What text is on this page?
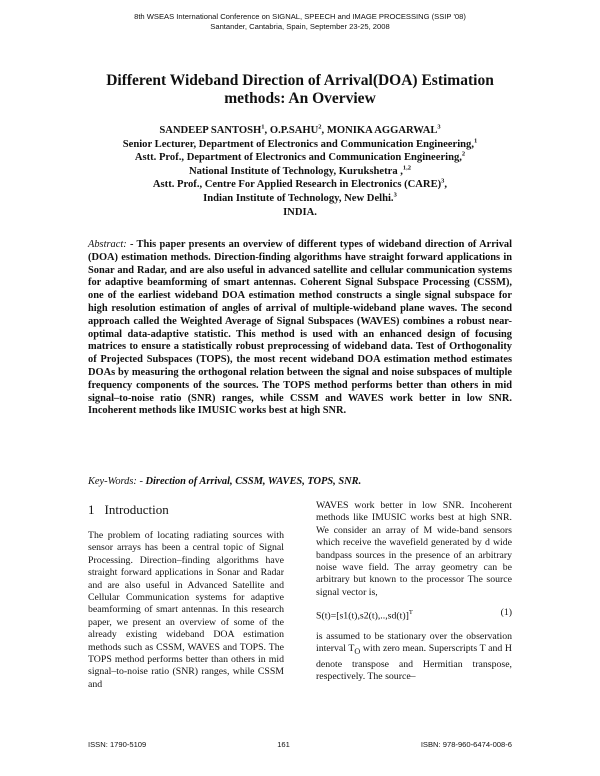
8th WSEAS International Conference on SIGNAL, SPEECH and IMAGE PROCESSING (SSIP '08)
Santander, Cantabria, Spain, September 23-25, 2008
Different Wideband Direction of Arrival(DOA) Estimation
methods: An Overview
SANDEEP SANTOSH$^1$, O.P.SAHU$^2$, MONIKA AGGARWAL$^3$
Senior Lecturer, Department of Electronics and Communication Engineering,$^1$
Astt. Prof., Department of Electronics and Communication Engineering,$^2$
National Institute of Technology, Kurukshetra ,$^{1,2}$
Astt. Prof., Centre For Applied Research in Electronics (CARE)$^3$,
Indian Institute of Technology, New Delhi.$^3$
INDIA.
Abstract: - This paper presents an overview of different types of wideband direction of Arrival (DOA) estimation methods. Direction-finding algorithms have straight forward applications in Sonar and Radar, and are also useful in advanced satellite and cellular communication systems for adaptive beamforming of smart antennas. Coherent Signal Subspace Processing (CSSM), one of the earliest wideband DOA estimation method constructs a single signal subspace for high resolution estimation of angles of arrival of multiple-wideband plane waves. The second approach called the Weighted Average of Signal Subspaces (WAVES) combines a robust near-optimal data-adaptive statistic. This method is used with an enhanced design of focusing matrices to ensure a statistically robust preprocessing of wideband data. Test of Orthogonality of Projected Subspaces (TOPS), the most recent wideband DOA estimation method estimates DOAs by measuring the orthogonal relation between the signal and noise subspaces of multiple frequency components of the sources. The TOPS method performs better than others in mid signal–to-noise ratio (SNR) ranges, while CSSM and WAVES work better in low SNR. Incoherent methods like IMUSIC works best at high SNR.
Key-Words: - Direction of Arrival, CSSM, WAVES, TOPS, SNR.
1 Introduction

The problem of locating radiating sources with sensor arrays has been a central topic of Signal Processing. Direction–finding algorithms have straight forward applications in Sonar and Radar and are also useful in Advanced Satellite and Cellular Communication systems for adaptive beamforming of smart antennas. In this research paper, we present an overview of some of the already existing wideband DOA estimation methods such as CSSM, WAVES and TOPS. The TOPS method performs better than others in mid signal–to-noise ratio (SNR) ranges, while CSSM and

WAVES work better in low SNR. Incoherent methods like IMUSIC works best at high SNR. We consider an array of M wide-band sensors which receive the wavefield generated by d wide bandpass sources in the presence of an arbitrary noise wave field. The array geometry can be arbitrary but known to the processor The source signal vector is,

$S(t)=[s1(t),s2(t),..,sd(t)]^T$	(1)

is assumed to be stationary over the observation interval $T_O$ with zero mean. Superscripts T and H denote transpose and Hermitian transpose, respectively. The source–

ISSN: 1790-5109	161	ISBN: 978-960-6474-008-6
